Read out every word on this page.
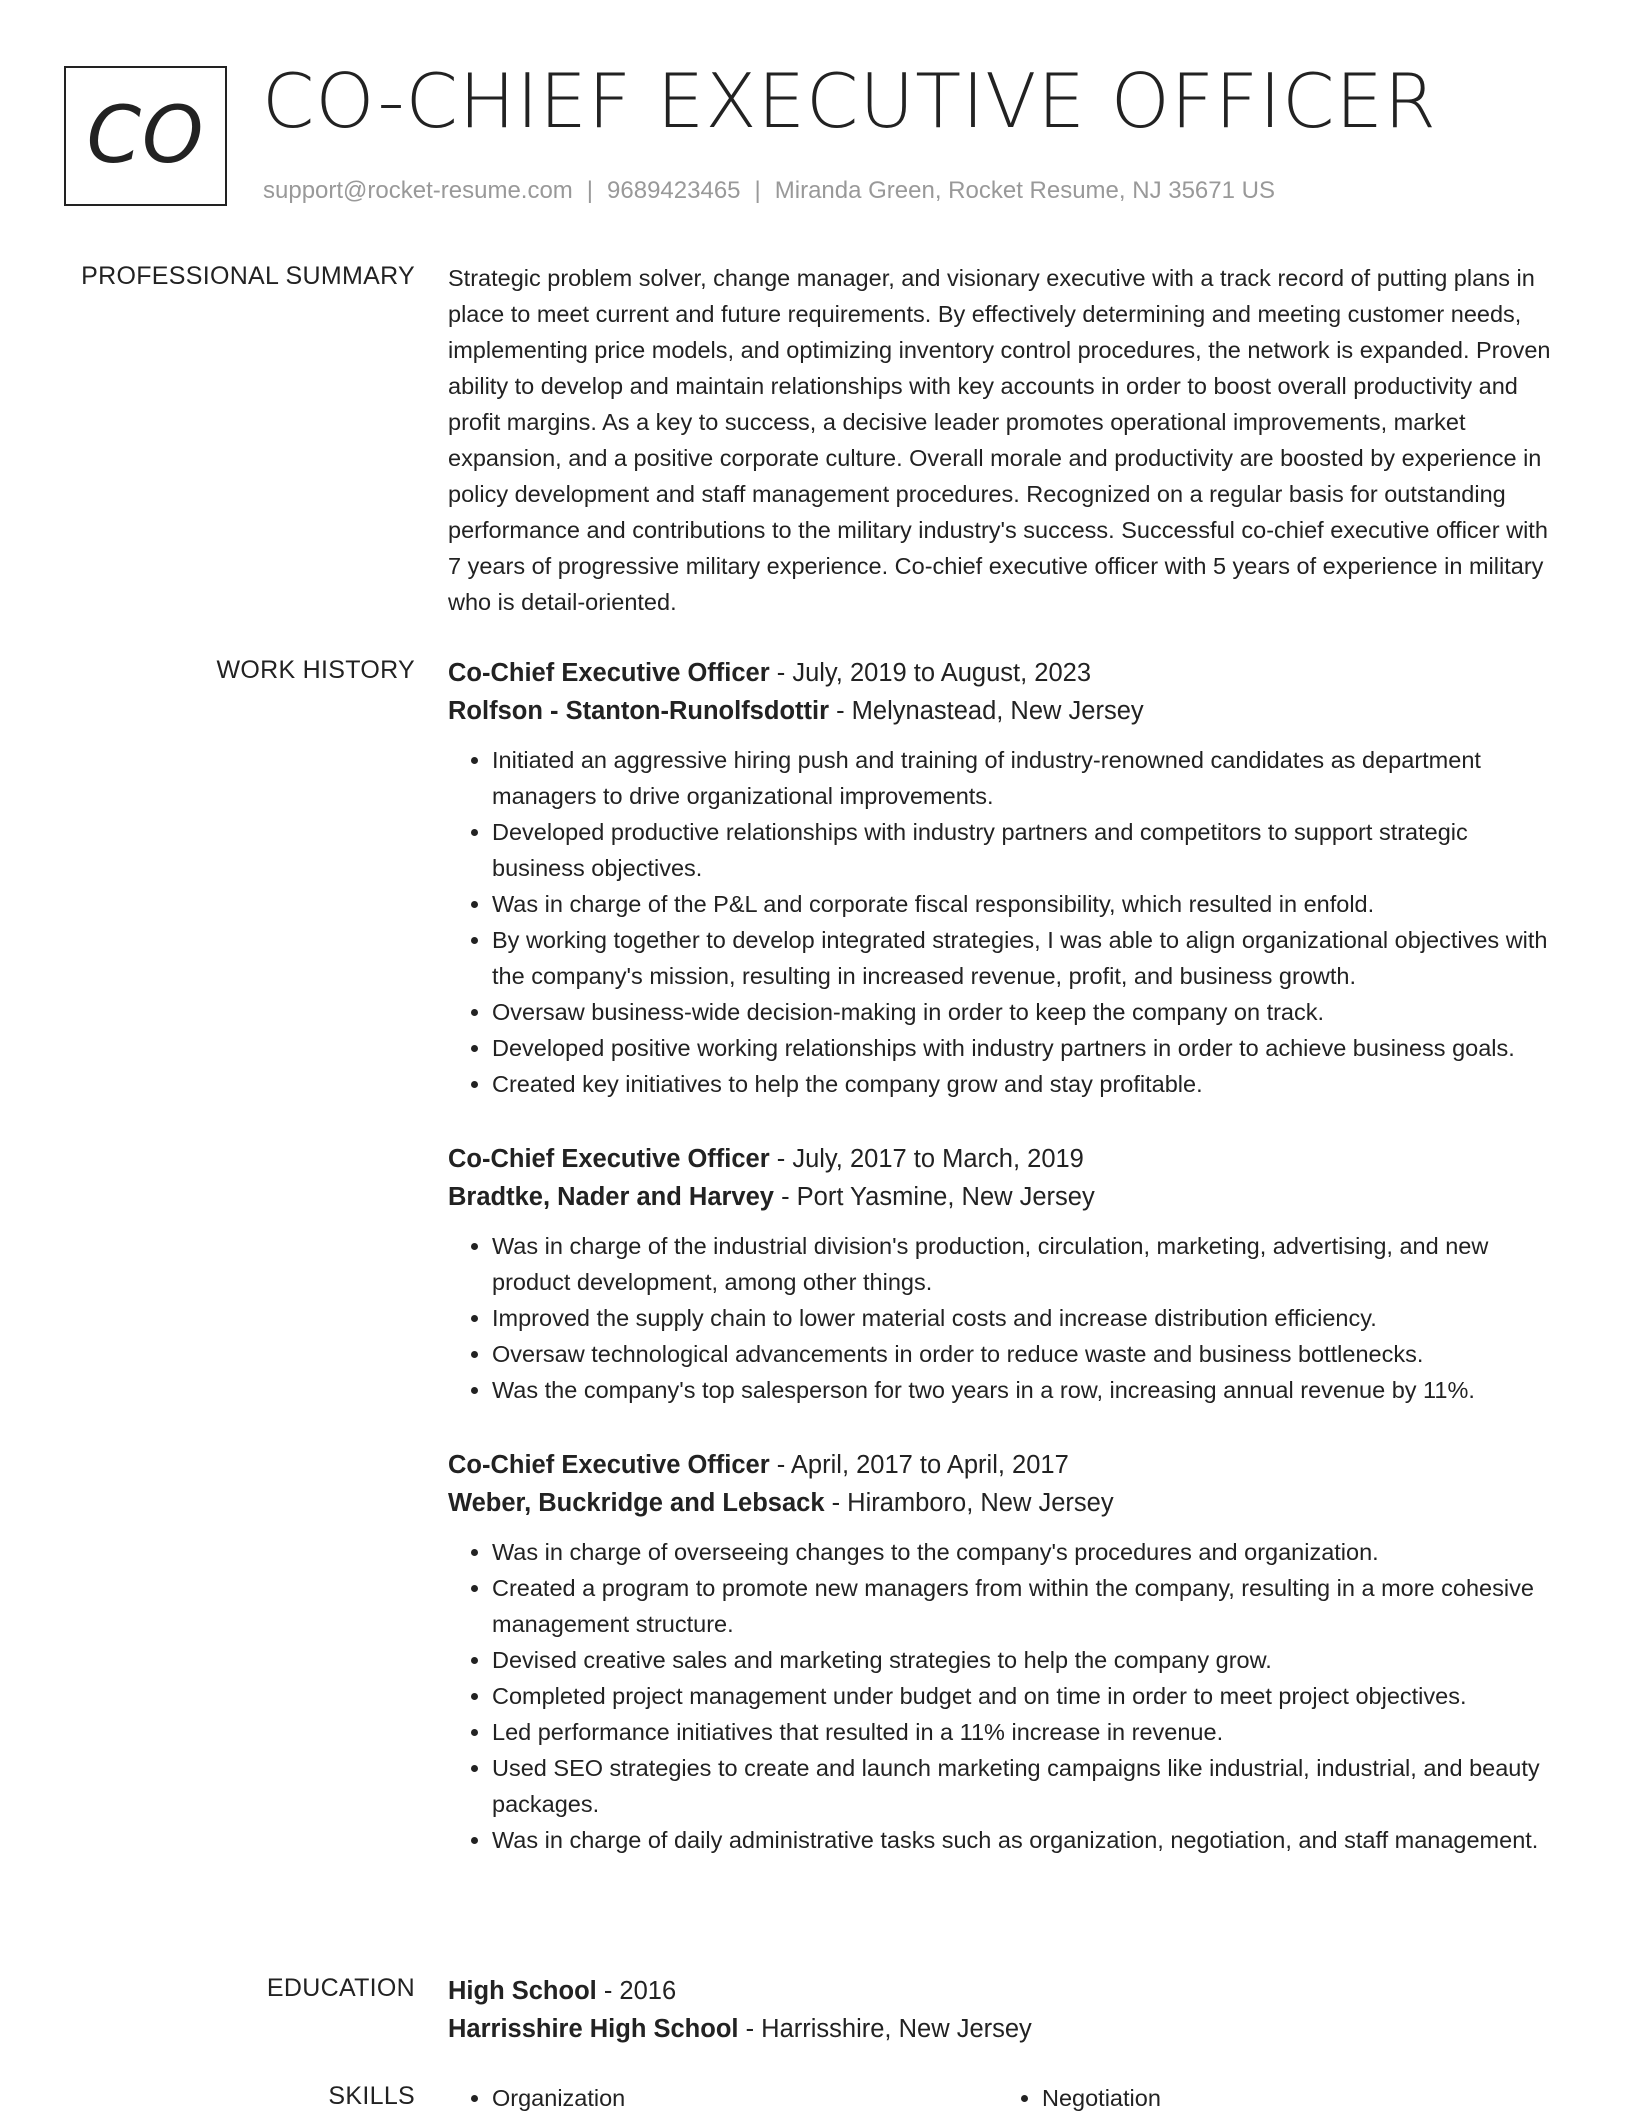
CO CO-CHIEF EXECUTIVE OFFICER
support@rocket-resume.com | 9689423465 | Miranda Green, Rocket Resume, NJ 35671 US
PROFESSIONAL SUMMARY Strategic problem solver, change manager, and visionary executive with a track record of putting plans in place to meet current and future requirements. By effectively determining and meeting customer needs, implementing price models, and optimizing inventory control procedures, the network is expanded. Proven ability to develop and maintain relationships with key accounts in order to boost overall productivity and profit margins. As a key to success, a decisive leader promotes operational improvements, market expansion, and a positive corporate culture. Overall morale and productivity are boosted by experience in policy development and staff management procedures. Recognized on a regular basis for outstanding performance and contributions to the military industry's success. Successful co-chief executive officer with 7 years of progressive military experience. Co-chief executive officer with 5 years of experience in military who is detail-oriented.

WORK HISTORY Co-Chief Executive Officer - July, 2019 to August, 2023
Rolfson - Stanton-Runolfsdottir - Melynastead, New Jersey
• Initiated an aggressive hiring push and training of industry-renowned candidates as department managers to drive organizational improvements.
• Developed productive relationships with industry partners and competitors to support strategic business objectives.
• Was in charge of the P&L and corporate fiscal responsibility, which resulted in enfold.
• By working together to develop integrated strategies, I was able to align organizational objectives with the company's mission, resulting in increased revenue, profit, and business growth.
• Oversaw business-wide decision-making in order to keep the company on track.
• Developed positive working relationships with industry partners in order to achieve business goals.
• Created key initiatives to help the company grow and stay profitable.
Co-Chief Executive Officer - July, 2017 to March, 2019
Bradtke, Nader and Harvey - Port Yasmine, New Jersey
• Was in charge of the industrial division's production, circulation, marketing, advertising, and new product development, among other things.
• Improved the supply chain to lower material costs and increase distribution efficiency.
• Oversaw technological advancements in order to reduce waste and business bottlenecks.
• Was the company's top salesperson for two years in a row, increasing annual revenue by 11%.
Co-Chief Executive Officer - April, 2017 to April, 2017
Weber, Buckridge and Lebsack - Hiramboro, New Jersey
• Was in charge of overseeing changes to the company's procedures and organization.
• Created a program to promote new managers from within the company, resulting in a more cohesive management structure.
• Devised creative sales and marketing strategies to help the company grow.
• Completed project management under budget and on time in order to meet project objectives.
• Led performance initiatives that resulted in a 11% increase in revenue.
• Used SEO strategies to create and launch marketing campaigns like industrial, industrial, and beauty packages.
• Was in charge of daily administrative tasks such as organization, negotiation, and staff management.
EDUCATION High School - 2016
Harrisshire High School - Harrisshire, New Jersey
SKILLS	• Organization	• Negotiation
